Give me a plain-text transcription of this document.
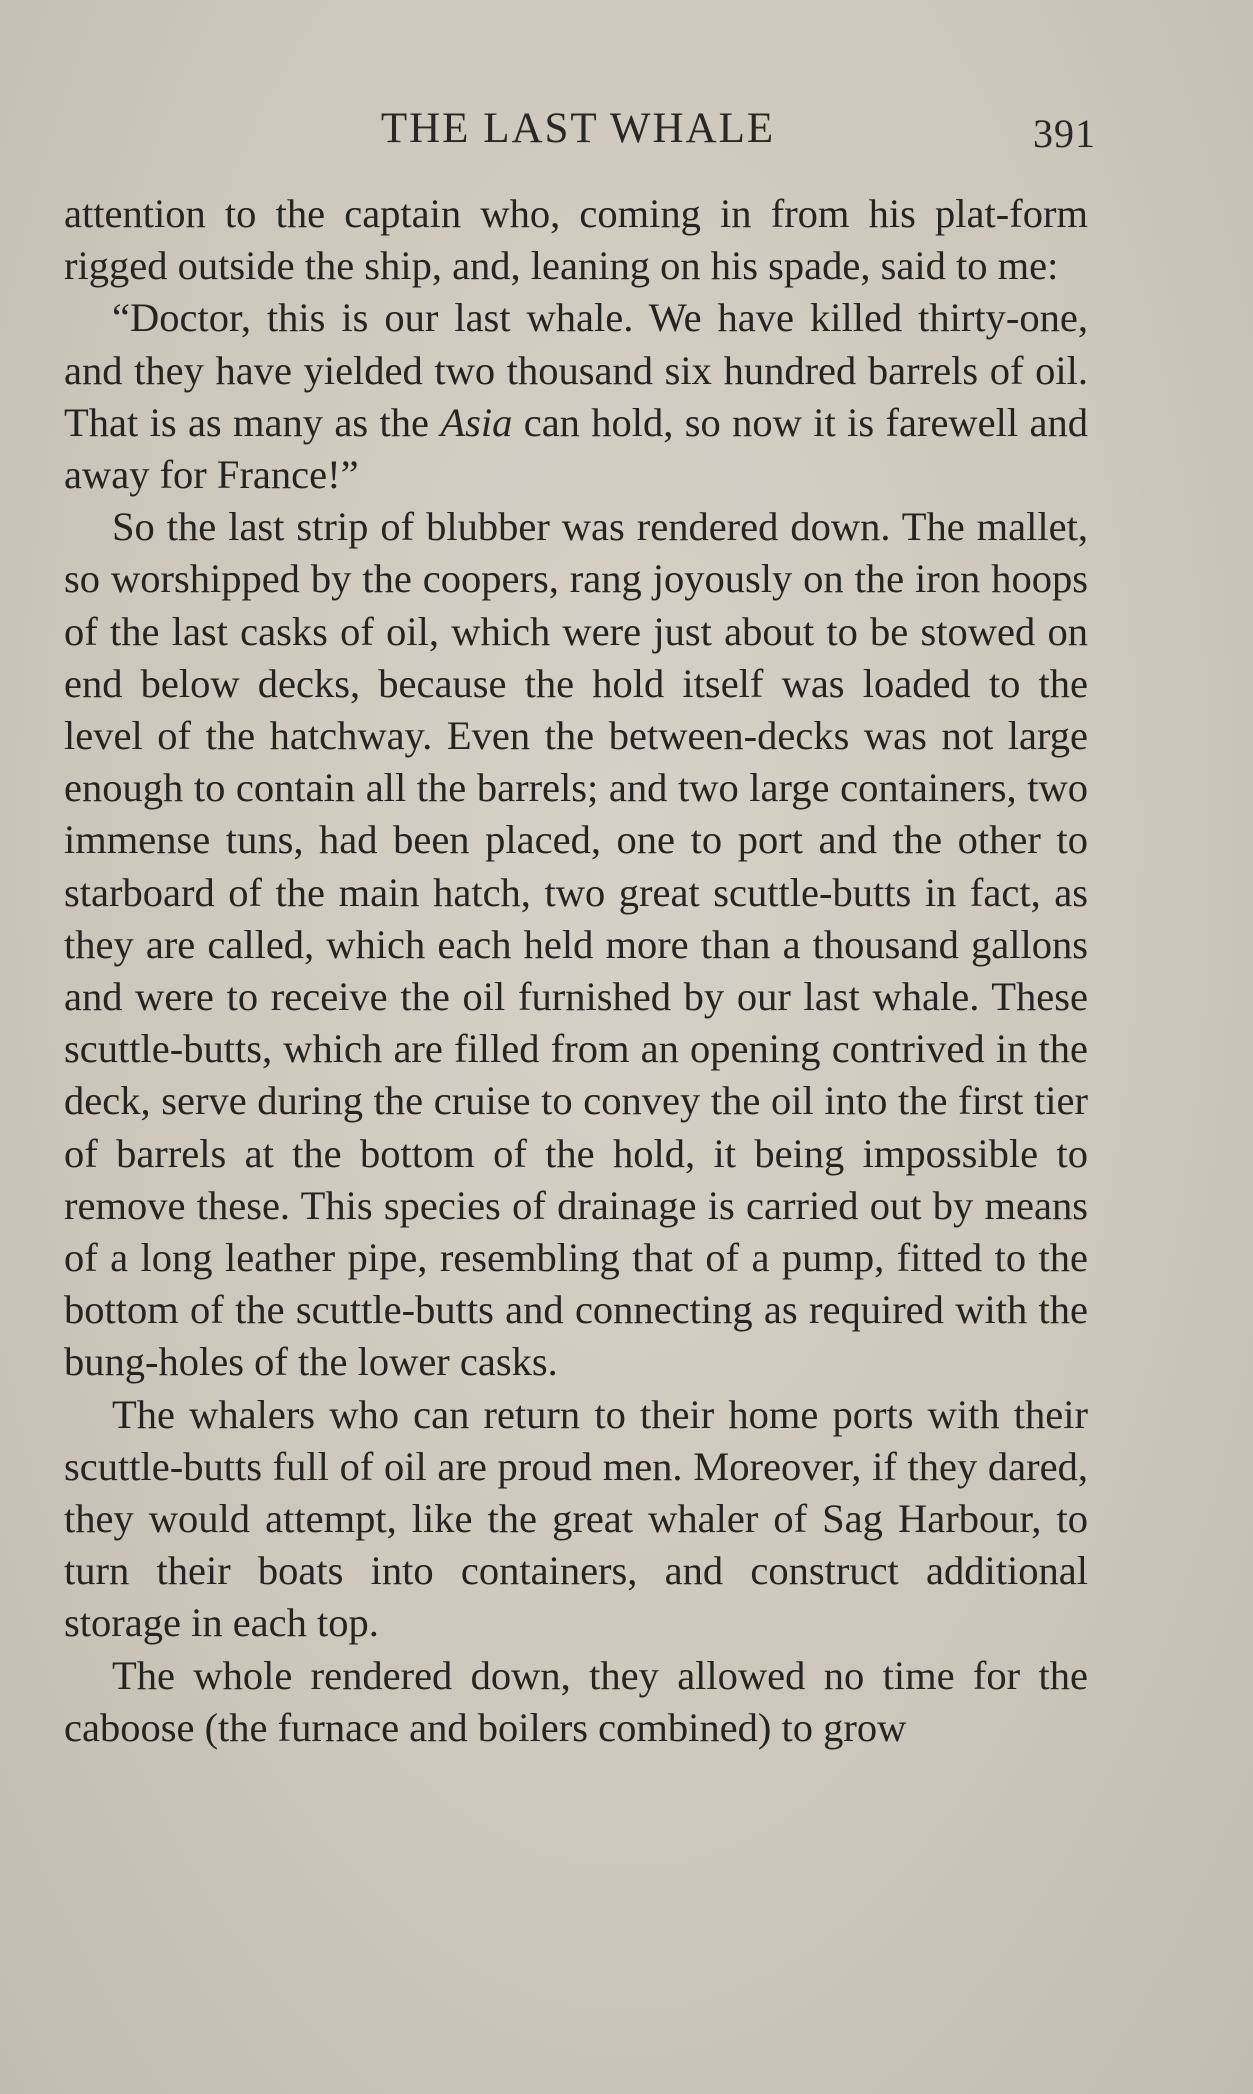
THE LAST WHALE	391

attention to the captain who, coming in from his plat-form rigged outside the ship, and, leaning on his spade, said to me:

“Doctor, this is our last whale. We have killed thirty-one, and they have yielded two thousand six hundred barrels of oil. That is as many as the Asia can hold, so now it is farewell and away for France!”

So the last strip of blubber was rendered down. The mallet, so worshipped by the coopers, rang joyously on the iron hoops of the last casks of oil, which were just about to be stowed on end below decks, because the hold itself was loaded to the level of the hatchway. Even the between-decks was not large enough to contain all the barrels; and two large containers, two immense tuns, had been placed, one to port and the other to starboard of the main hatch, two great scuttle-butts in fact, as they are called, which each held more than a thousand gallons and were to receive the oil furnished by our last whale. These scuttle-butts, which are filled from an opening contrived in the deck, serve during the cruise to convey the oil into the first tier of barrels at the bottom of the hold, it being impossible to remove these. This species of drainage is carried out by means of a long leather pipe, resembling that of a pump, fitted to the bottom of the scuttle-butts and connecting as required with the bung-holes of the lower casks.

The whalers who can return to their home ports with their scuttle-butts full of oil are proud men. Moreover, if they dared, they would attempt, like the great whaler of Sag Harbour, to turn their boats into containers, and construct additional storage in each top.

The whole rendered down, they allowed no time for the caboose (the furnace and boilers combined) to grow
